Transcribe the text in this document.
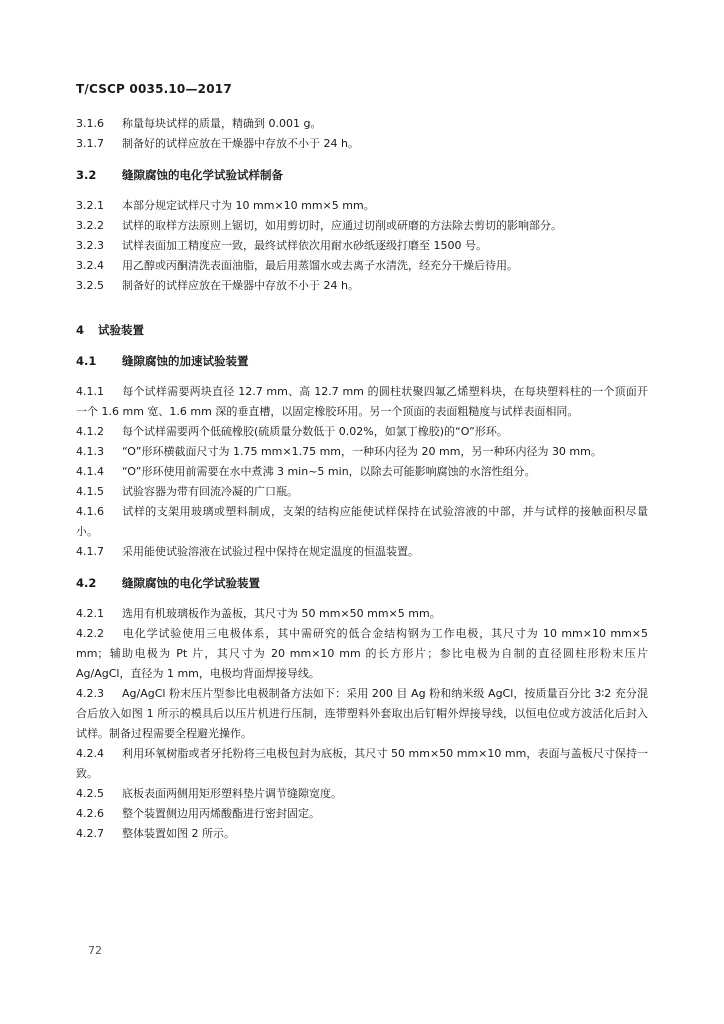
T/CSCP 0035.10—2017

3.1.6 称量每块试样的质量，精确到 0.001 g。

3.1.7 制备好的试样应放在干燥器中存放不小于 24 h。

3.2 缝隙腐蚀的电化学试验试样制备

3.2.1 本部分规定试样尺寸为 10 mm×10 mm×5 mm。

3.2.2 试样的取样方法原则上锯切，如用剪切时，应通过切削或研磨的方法除去剪切的影响部分。

3.2.3 试样表面加工精度应一致，最终试样依次用耐水砂纸逐级打磨至 1500 号。

3.2.4 用乙醇或丙酮清洗表面油脂，最后用蒸馏水或去离子水清洗，经充分干燥后待用。

3.2.5 制备好的试样应放在干燥器中存放不小于 24 h。

4 试验装置

4.1 缝隙腐蚀的加速试验装置

4.1.1 每个试样需要两块直径 12.7 mm、高 12.7 mm 的圆柱状聚四氟乙烯塑料块，在每块塑料柱的一个顶面开一个 1.6 mm 宽、1.6 mm 深的垂直槽，以固定橡胶环用。另一个顶面的表面粗糙度与试样表面相同。

4.1.2 每个试样需要两个低硫橡胶(硫质量分数低于 0.02%，如氯丁橡胶)的“O”形环。

4.1.3 “O”形环横截面尺寸为 1.75 mm×1.75 mm，一种环内径为 20 mm，另一种环内径为 30 mm。

4.1.4 “O”形环使用前需要在水中煮沸 3 min~5 min，以除去可能影响腐蚀的水溶性组分。

4.1.5 试验容器为带有回流冷凝的广口瓶。

4.1.6 试样的支架用玻璃或塑料制成，支架的结构应能使试样保持在试验溶液的中部，并与试样的接触面积尽量小。

4.1.7 采用能使试验溶液在试验过程中保持在规定温度的恒温装置。

4.2 缝隙腐蚀的电化学试验装置

4.2.1 选用有机玻璃板作为盖板，其尺寸为 50 mm×50 mm×5 mm。

4.2.2 电化学试验使用三电极体系，其中需研究的低合金结构钢为工作电极，其尺寸为 10 mm×10 mm×5 mm；辅助电极为 Pt 片，其尺寸为 20 mm×10 mm 的长方形片；参比电极为自制的直径圆柱形粉末压片 Ag/AgCl，直径为 1 mm，电极均背面焊接导线。

4.2.3 Ag/AgCl 粉末压片型参比电极制备方法如下：采用 200 目 Ag 粉和纳米级 AgCl，按质量百分比 3∶2 充分混合后放入如图 1 所示的模具后以压片机进行压制，连带塑料外套取出后钉帽外焊接导线，以恒电位或方波活化后封入试样。制备过程需要全程避光操作。

4.2.4 利用环氧树脂或者牙托粉将三电极包封为底板，其尺寸 50 mm×50 mm×10 mm，表面与盖板尺寸保持一致。

4.2.5 底板表面两侧用矩形塑料垫片调节缝隙宽度。

4.2.6 整个装置侧边用丙烯酸酯进行密封固定。

4.2.7 整体装置如图 2 所示。

72
